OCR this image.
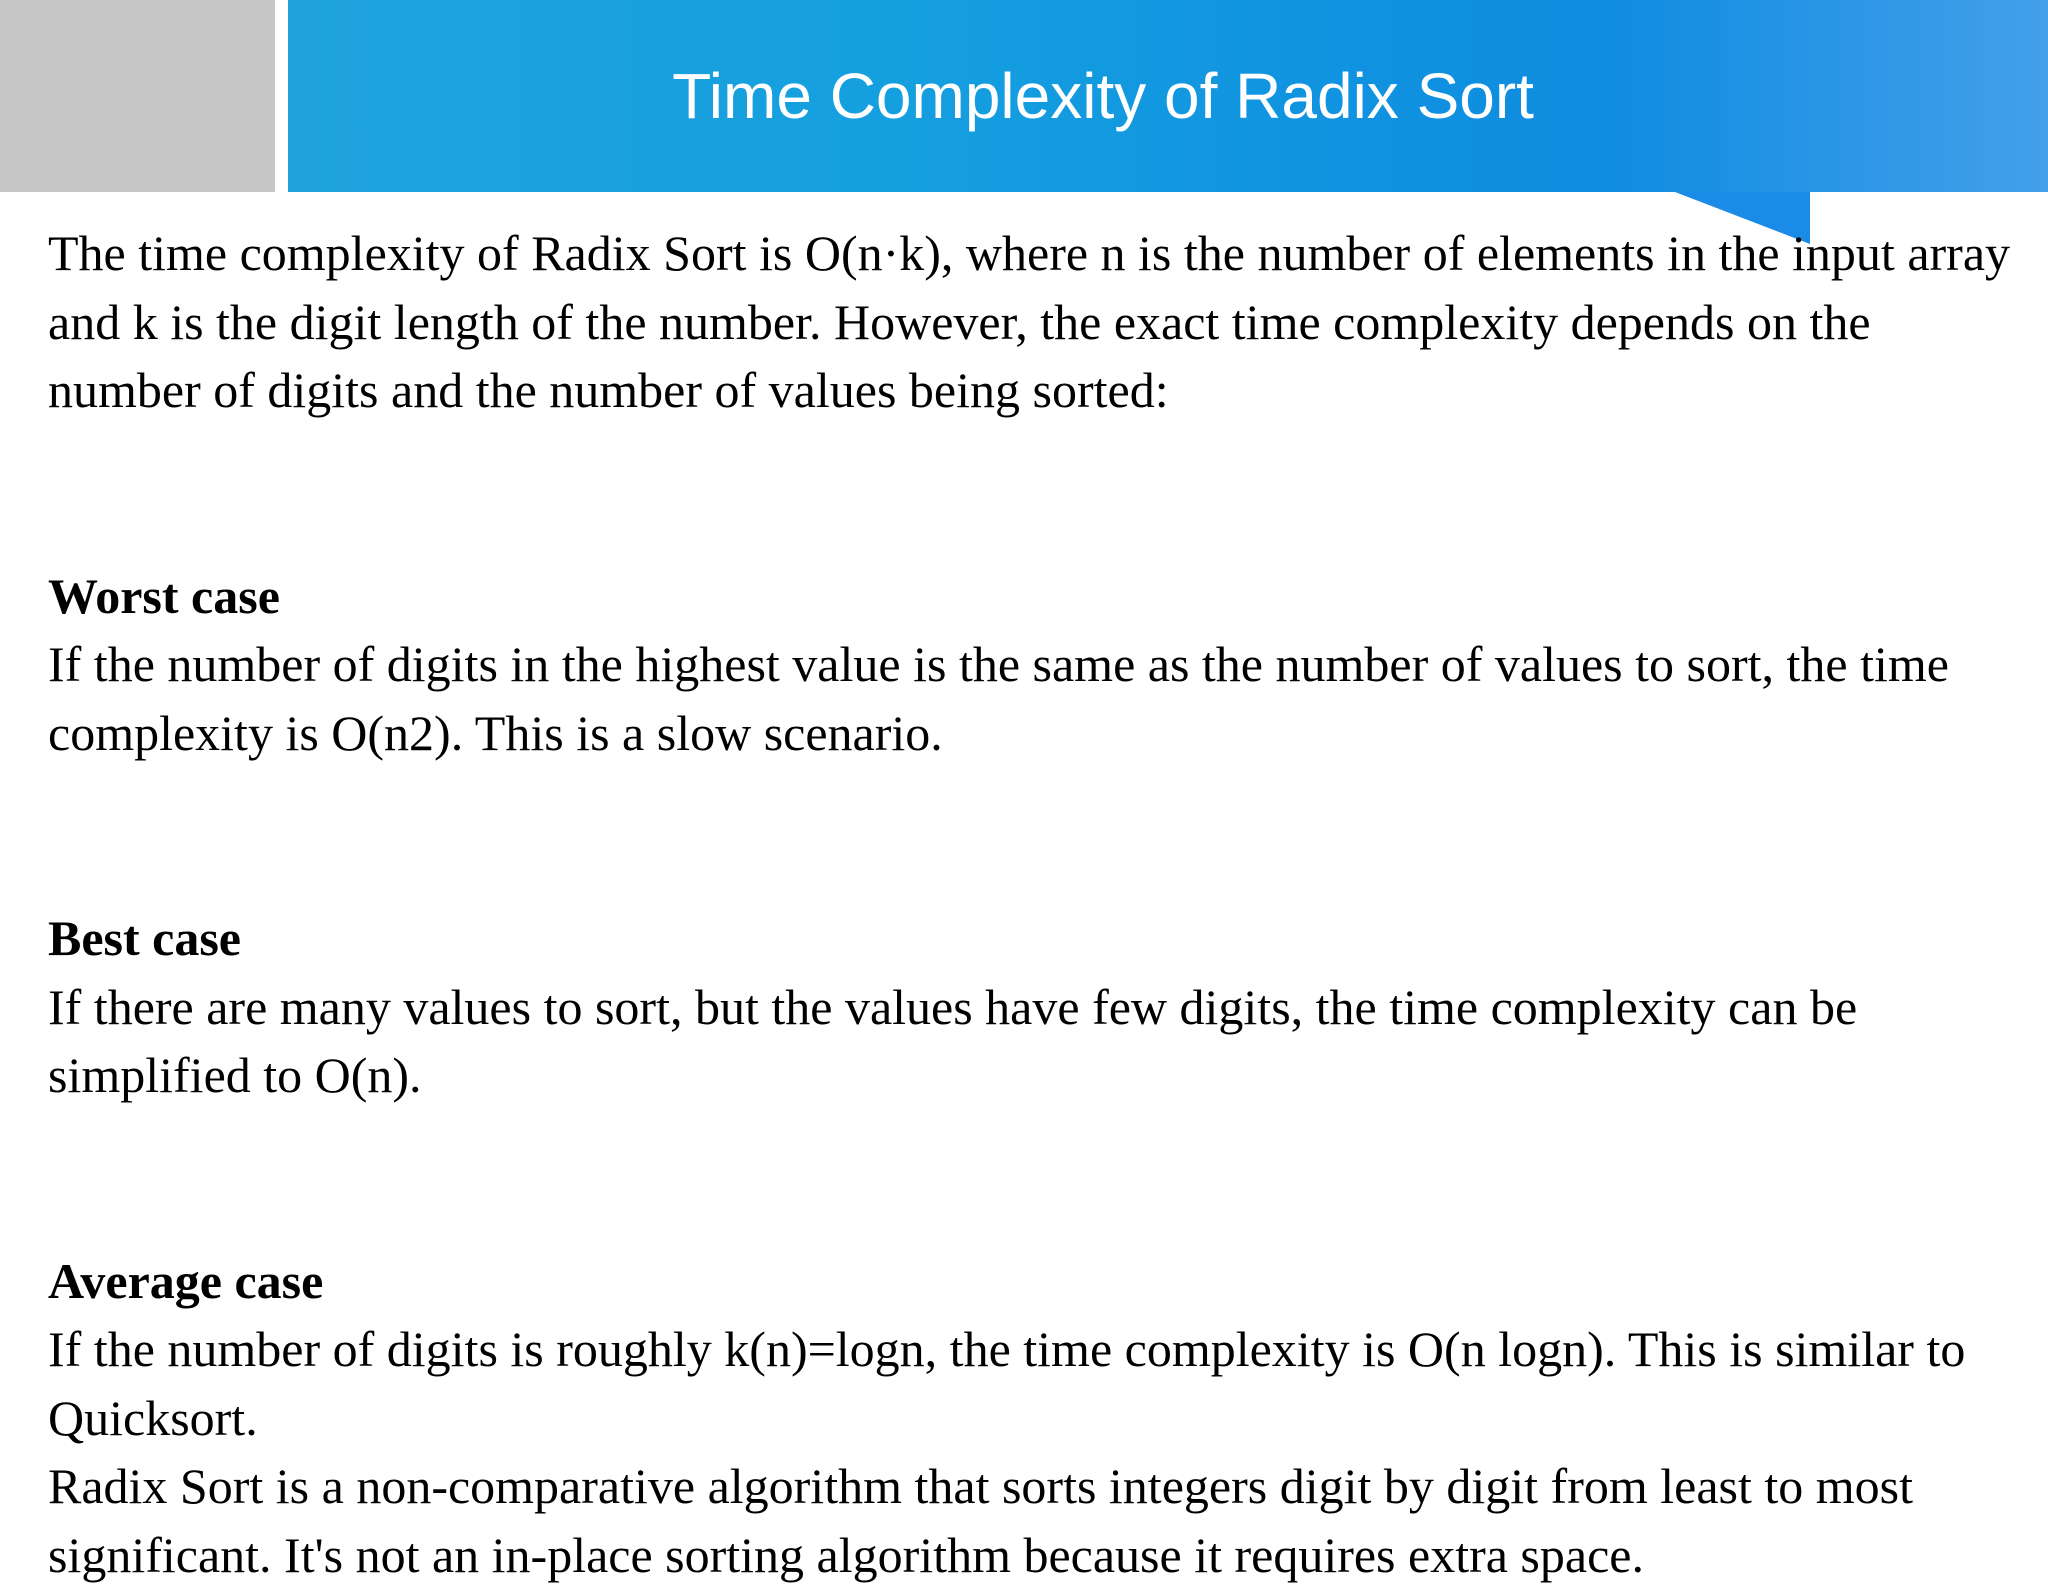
Time Complexity of Radix Sort

The time complexity of Radix Sort is O(n·k), where n is the number of elements in the input array and k is the digit length of the number. However, the exact time complexity depends on the number of digits and the number of values being sorted:

Worst case

If the number of digits in the highest value is the same as the number of values to sort, the time complexity is O(n2). This is a slow scenario.

Best case

If there are many values to sort, but the values have few digits, the time complexity can be simplified to O(n).

Average case

If the number of digits is roughly k(n)=logn, the time complexity is O(n logn). This is similar to Quicksort.

Radix Sort is a non-comparative algorithm that sorts integers digit by digit from least to most significant. It's not an in-place sorting algorithm because it requires extra space.
